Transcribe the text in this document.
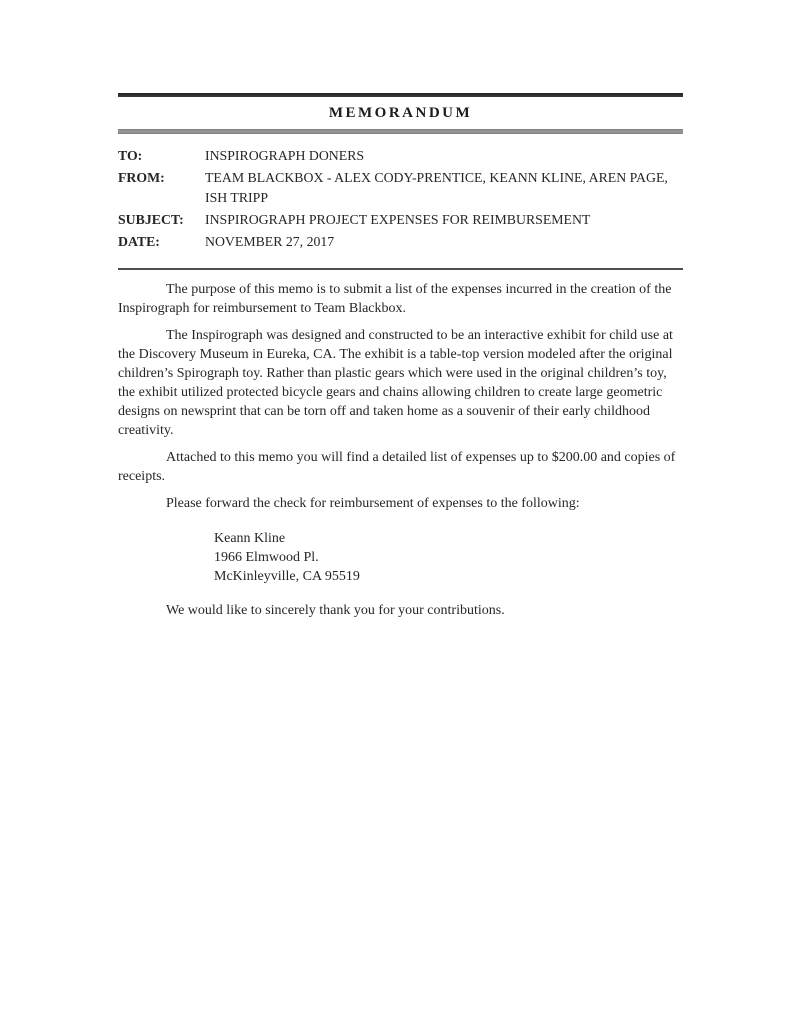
MEMORANDUM
TO:	INSPIROGRAPH DONERS
FROM:	TEAM BLACKBOX - ALEX CODY-PRENTICE, KEANN KLINE, AREN PAGE, ISH TRIPP
SUBJECT:	INSPIROGRAPH PROJECT EXPENSES FOR REIMBURSEMENT
DATE:	NOVEMBER 27, 2017

The purpose of this memo is to submit a list of the expenses incurred in the creation of the Inspirograph for reimbursement to Team Blackbox.

The Inspirograph was designed and constructed to be an interactive exhibit for child use at the Discovery Museum in Eureka, CA. The exhibit is a table-top version modeled after the original children’s Spirograph toy. Rather than plastic gears which were used in the original children’s toy, the exhibit utilized protected bicycle gears and chains allowing children to create large geometric designs on newsprint that can be torn off and taken home as a souvenir of their early childhood creativity.

Attached to this memo you will find a detailed list of expenses up to $200.00 and copies of receipts.

Please forward the check for reimbursement of expenses to the following:

Keann Kline
1966 Elmwood Pl.
McKinleyville, CA 95519

We would like to sincerely thank you for your contributions.
